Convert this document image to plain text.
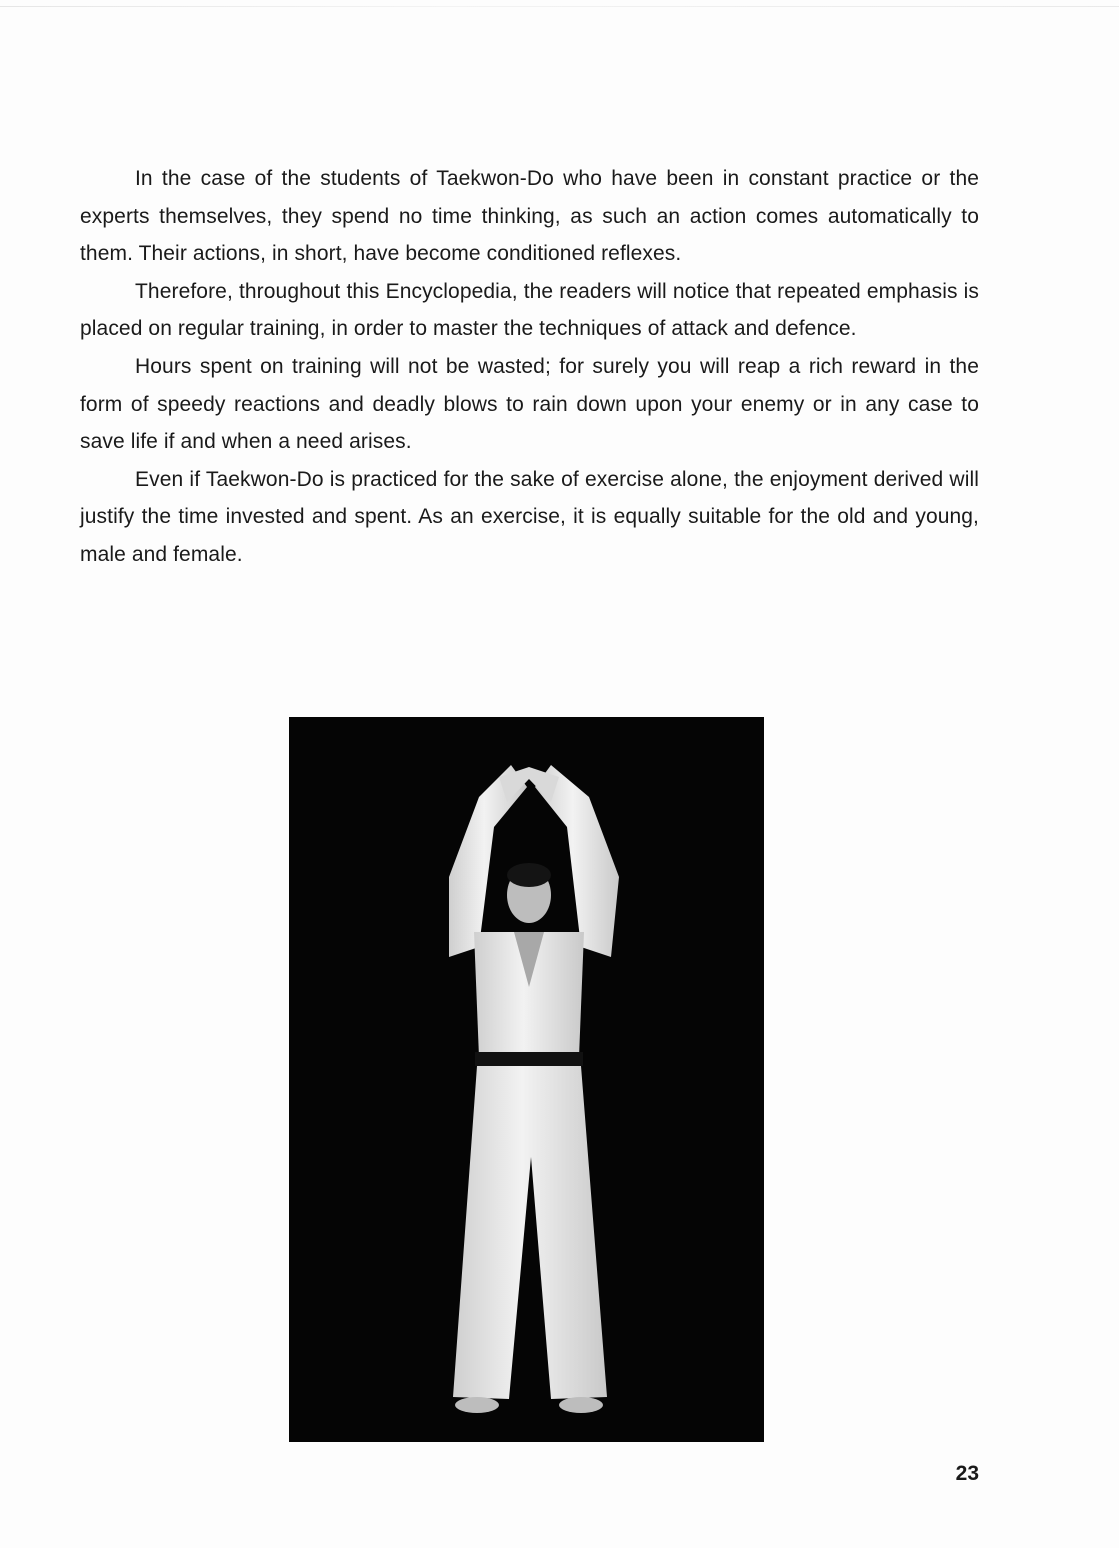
In the case of the students of Taekwon-Do who have been in constant practice or the experts themselves, they spend no time thinking, as such an action comes automatically to them. Their actions, in short, have become conditioned reflexes.

Therefore, throughout this Encyclopedia, the readers will notice that repeated emphasis is placed on regular training, in order to master the techniques of attack and defence.

Hours spent on training will not be wasted; for surely you will reap a rich reward in the form of speedy reactions and deadly blows to rain down upon your enemy or in any case to save life if and when a need arises.

Even if Taekwon-Do is practiced for the sake of exercise alone, the enjoyment derived will justify the time invested and spent. As an exercise, it is equally suitable for the old and young, male and female.

23
